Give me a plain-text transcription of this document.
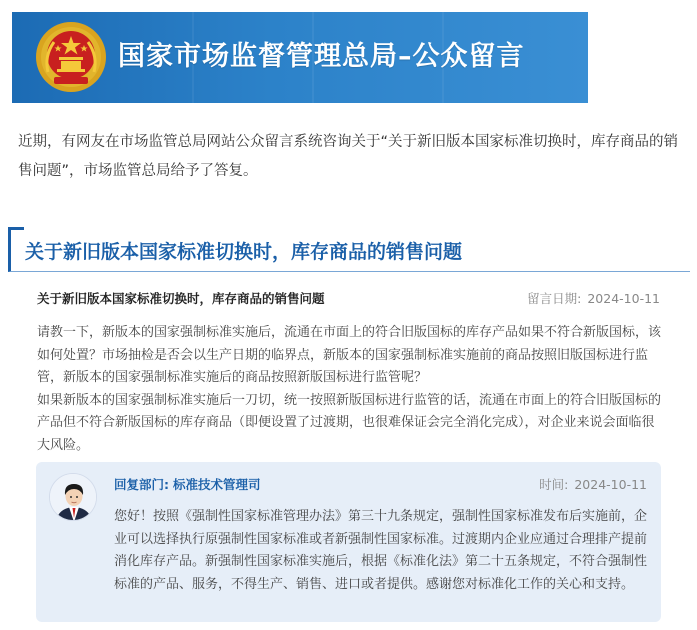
国家市场监督管理总局–公众留言

近期，有网友在市场监管总局网站公众留言系统咨询关于“关于新旧版本国家标准切换时，库存商品的销售问题”，市场监管总局给予了答复。

关于新旧版本国家标准切换时，库存商品的销售问题
关于新旧版本国家标准切换时，库存商品的销售问题	留言日期: 2024-10-11

请教一下，新版本的国家强制标准实施后，流通在市面上的符合旧版国标的库存产品如果不符合新版国标，该如何处置？市场抽检是否会以生产日期的临界点，新版本的国家强制标准实施前的商品按照旧版国标进行监管，新版本的国家强制标准实施后的商品按照新版国标进行监管呢？

如果新版本的国家强制标准实施后一刀切，统一按照新版国标进行监管的话，流通在市面上的符合旧版国标的产品但不符合新版国标的库存商品（即便设置了过渡期，也很难保证会完全消化完成），对企业来说会面临很大风险。

回复部门: 标准技术管理司	时间: 2024-10-11

您好！按照《强制性国家标准管理办法》第三十九条规定，强制性国家标准发布后实施前，企业可以选择执行原强制性国家标准或者新强制性国家标准。过渡期内企业应通过合理排产提前消化库存产品。新强制性国家标准实施后，根据《标准化法》第二十五条规定，不符合强制性标准的产品、服务，不得生产、销售、进口或者提供。感谢您对标准化工作的关心和支持。
